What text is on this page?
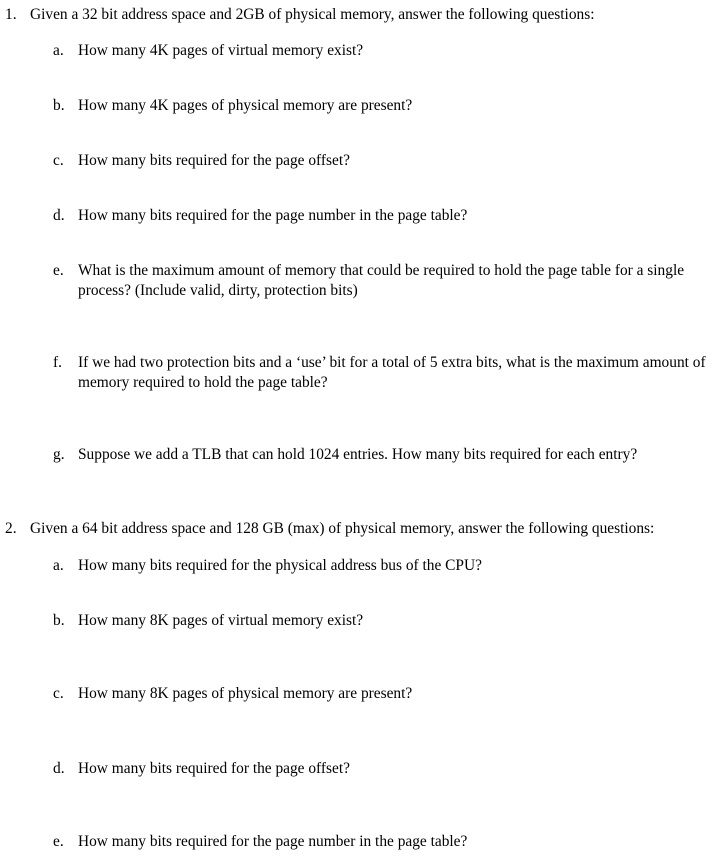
1. Given a 32 bit address space and 2GB of physical memory, answer the following questions:
a. How many 4K pages of virtual memory exist?
b. How many 4K pages of physical memory are present?
c. How many bits required for the page offset?
d. How many bits required for the page number in the page table?
e. What is the maximum amount of memory that could be required to hold the page table for a single process? (Include valid, dirty, protection bits)
f. If we had two protection bits and a ‘use’ bit for a total of 5 extra bits, what is the maximum amount of memory required to hold the page table?
g. Suppose we add a TLB that can hold 1024 entries. How many bits required for each entry?
2. Given a 64 bit address space and 128 GB (max) of physical memory, answer the following questions:
a. How many bits required for the physical address bus of the CPU?
b. How many 8K pages of virtual memory exist?
c. How many 8K pages of physical memory are present?
d. How many bits required for the page offset?
e. How many bits required for the page number in the page table?
